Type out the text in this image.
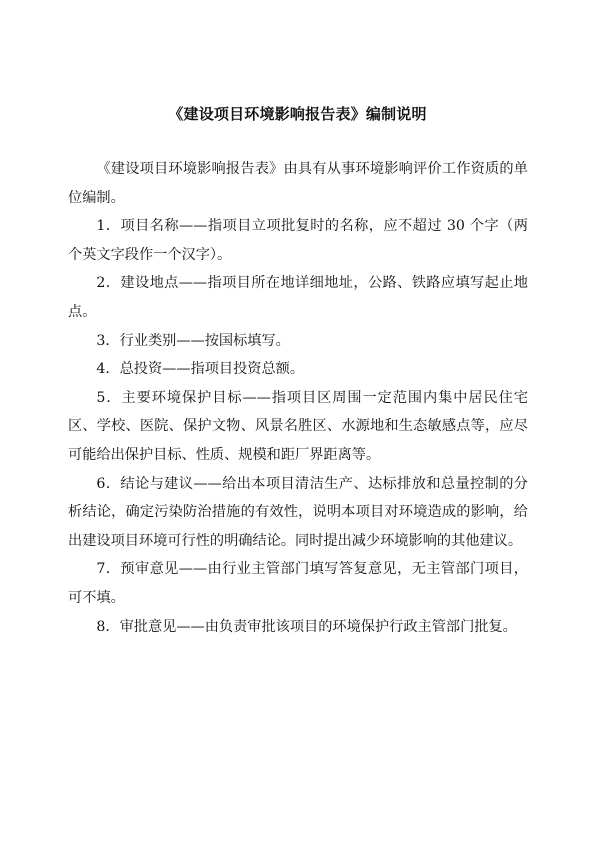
《建设项目环境影响报告表》编制说明

《建设项目环境影响报告表》由具有从事环境影响评价工作资质的单位编制。

1．项目名称——指项目立项批复时的名称，应不超过 30 个字（两个英文字段作一个汉字）。

2．建设地点——指项目所在地详细地址，公路、铁路应填写起止地点。

3．行业类别——按国标填写。

4．总投资——指项目投资总额。

5．主要环境保护目标——指项目区周围一定范围内集中居民住宅区、学校、医院、保护文物、风景名胜区、水源地和生态敏感点等，应尽可能给出保护目标、性质、规模和距厂界距离等。

6．结论与建议——给出本项目清洁生产、达标排放和总量控制的分析结论，确定污染防治措施的有效性，说明本项目对环境造成的影响，给出建设项目环境可行性的明确结论。同时提出减少环境影响的其他建议。

7．预审意见——由行业主管部门填写答复意见，无主管部门项目，可不填。

8．审批意见——由负责审批该项目的环境保护行政主管部门批复。
